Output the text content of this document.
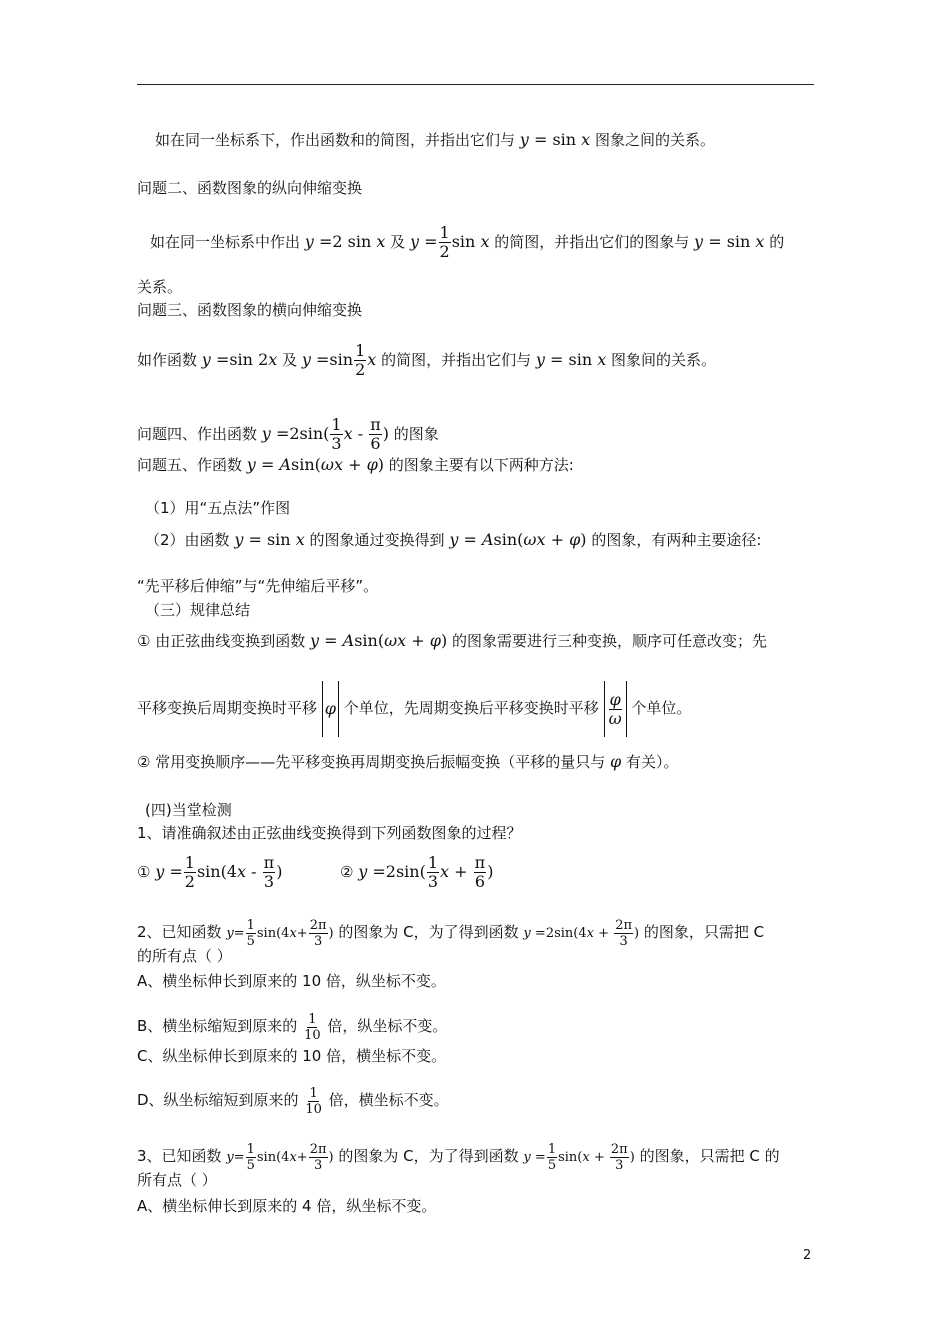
如在同一坐标系下，作出函数和的简图，并指出它们与 y = sin x 图象之间的关系。
问题二、函数图象的纵向伸缩变换
如在同一坐标系中作出 y =2 sin x 及 $y = \frac{1}{2}$ sin x 的简图，并指出它们的图象与 y = sin x 的
关系。
问题三、函数图象的横向伸缩变换
如作函数 y =sin 2x 及 $y =\sin \frac{1}{2}$ x 的简图，并指出它们与 y = sin x 图象间的关系。
问题四、作出函数 $y =2\sin( \frac{1}{3}$ x - $\frac{\pi}{6}$ ) 的图象
问题五、作函数 y = Asin(ωx + φ) 的图象主要有以下两种方法:
（1）用“五点法”作图
（2）由函数 y = sin x 的图象通过变换得到 y = Asin(ωx + φ) 的图象，有两种主要途径:
“先平移后伸缩”与“先伸缩后平移”。
（三）规律总结
① 由正弦曲线变换到函数 y = Asin(ωx + φ) 的图象需要进行三种变换，顺序可任意改变；先
平移变换后周期变换时平移 φ 个单位，先周期变换后平移变换时平移 $\frac{\varphi}{\omega}$ 个单位。
② 常用变换顺序——先平移变换再周期变换后振幅变换（平移的量只与 φ 有关）。
(四)当堂检测
1、请准确叙述由正弦曲线变换得到下列函数图象的过程？
① $y = \frac{1}{2} \sin(4x - \frac{\pi}{3}$ )	② $y =2\sin( \frac{1}{3}$ $x + \frac{\pi}{6}$ )
2、已知函数 $y= \frac{1}{5} \sin(4x+ \frac{2\pi}{3}$ ) 的图象为 C，为了得到函数 $y =2\sin(4x + \frac{2\pi}{3}$ ) 的图象，只需把 C
的所有点（ ）
A、横坐标伸长到原来的 10 倍，纵坐标不变。
B、横坐标缩短到原来的 $\frac{1}{10}$ 倍，纵坐标不变。
C、纵坐标伸长到原来的 10 倍，横坐标不变。
D、纵坐标缩短到原来的 $\frac{1}{10}$ 倍，横坐标不变。
3、已知函数 $y= \frac{1}{5} \sin(4x+ \frac{2\pi}{3}$ ) 的图象为 C，为了得到函数 $y = \frac{1}{5} \sin(x + \frac{2\pi}{3}$ ) 的图象，只需把 C 的
所有点（ ）
A、横坐标伸长到原来的 4 倍，纵坐标不变。
2
